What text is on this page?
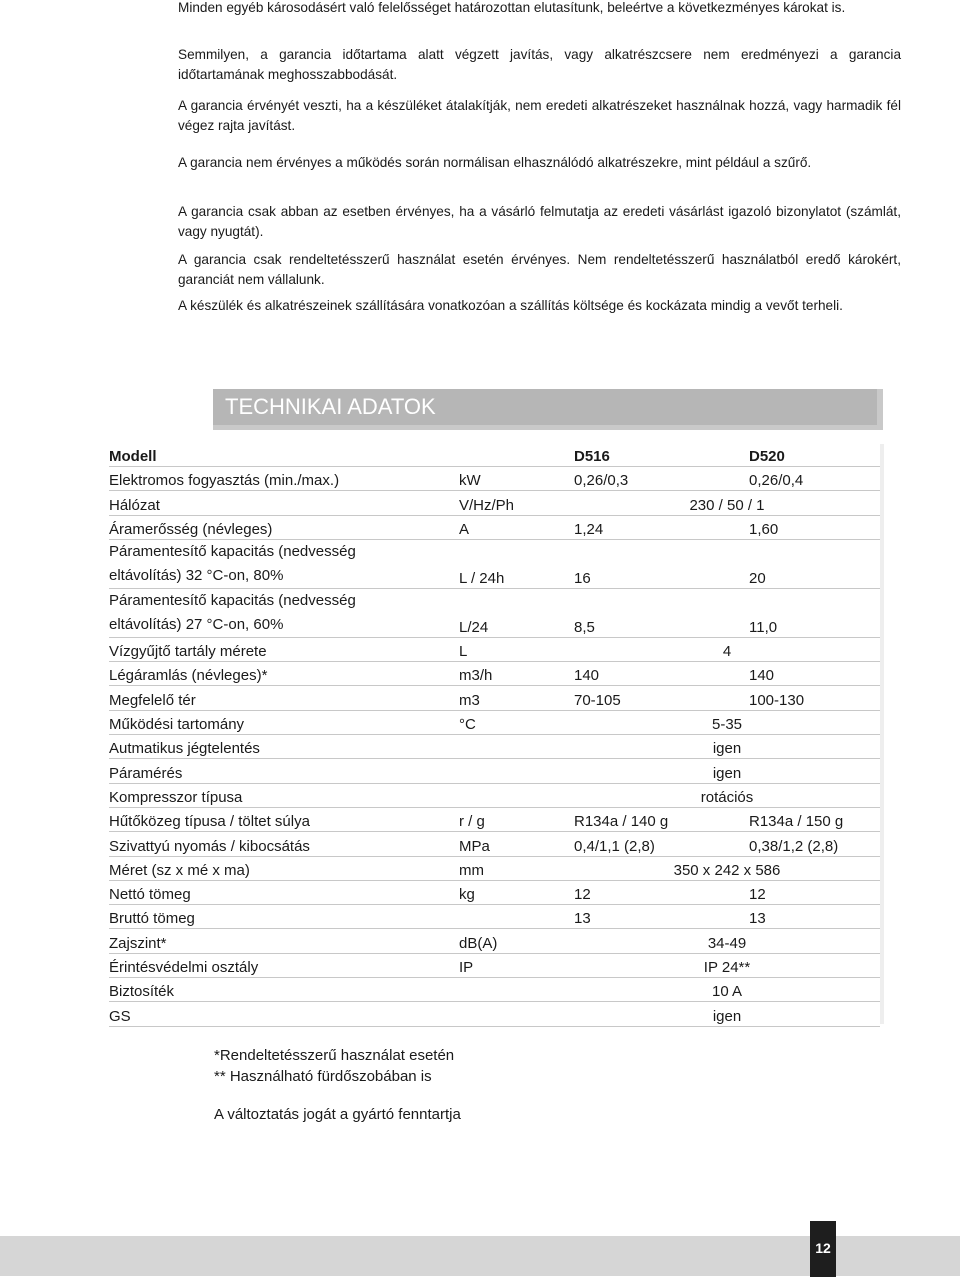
Minden egyéb károsodásért való felelősséget határozottan elutasítunk, beleértve a következményes károkat is.

Semmilyen, a garancia időtartama alatt végzett javítás, vagy alkatrészcsere nem eredményezi a garancia időtartamának meghosszabbodását.

A garancia érvényét veszti, ha a készüléket átalakítják, nem eredeti alkatrészeket használnak hozzá, vagy harmadik fél végez rajta javítást.

A garancia nem érvényes a működés során normálisan elhasználódó alkatrészekre, mint például a szűrő.

A garancia csak abban az esetben érvényes, ha a vásárló felmutatja az eredeti vásárlást igazoló bizonylatot (számlát, vagy nyugtát).

A garancia csak rendeltetésszerű használat esetén érvényes. Nem rendeltetésszerű használatból eredő károkért, garanciát nem vállalunk.

A készülék és alkatrészeinek szállítására vonatkozóan a szállítás költsége és kockázata mindig a vevőt terheli.

TECHNIKAI ADATOK
Modell		D516	D520
Elektromos fogyasztás (min./max.)	kW	0,26/0,3	0,26/0,4
Hálózat	V/Hz/Ph	230 / 50 / 1	
Áramerősség (névleges)	A	1,24	1,60

Páramentesítő kapacitás (nedvesség
eltávolítás) 32 °C-on, 80%	L / 24h	16	20

Páramentesítő kapacitás (nedvesség
eltávolítás) 27 °C-on, 60%	L/24	8,5	11,0
Vízgyűjtő tartály mérete	L	4	
Légáramlás (névleges)*	m3/h	140	140
Megfelelő tér	m3	70-105	100-130
Működési tartomány	°C	5-35	
Autmatikus jégtelentés		igen	
Páramérés		igen	
Kompresszor típusa		rotációs	
Hűtőközeg típusa / töltet súlya	r / g	R134a / 140 g	R134a / 150 g
Szivattyú nyomás / kibocsátás	MPa	0,4/1,1 (2,8)	0,38/1,2 (2,8)
Méret (sz x mé x ma)	mm	350 x 242 x 586	
Nettó tömeg	kg	12	12
Bruttó tömeg		13	13
Zajszint*	dB(A)	34-49	
Érintésvédelmi osztály	IP	IP 24**	
Biztosíték		10 A	
GS		igen	

*Rendeltetésszerű használat esetén

** Használható fürdőszobában is

A változtatás jogát a gyártó fenntartja

12
